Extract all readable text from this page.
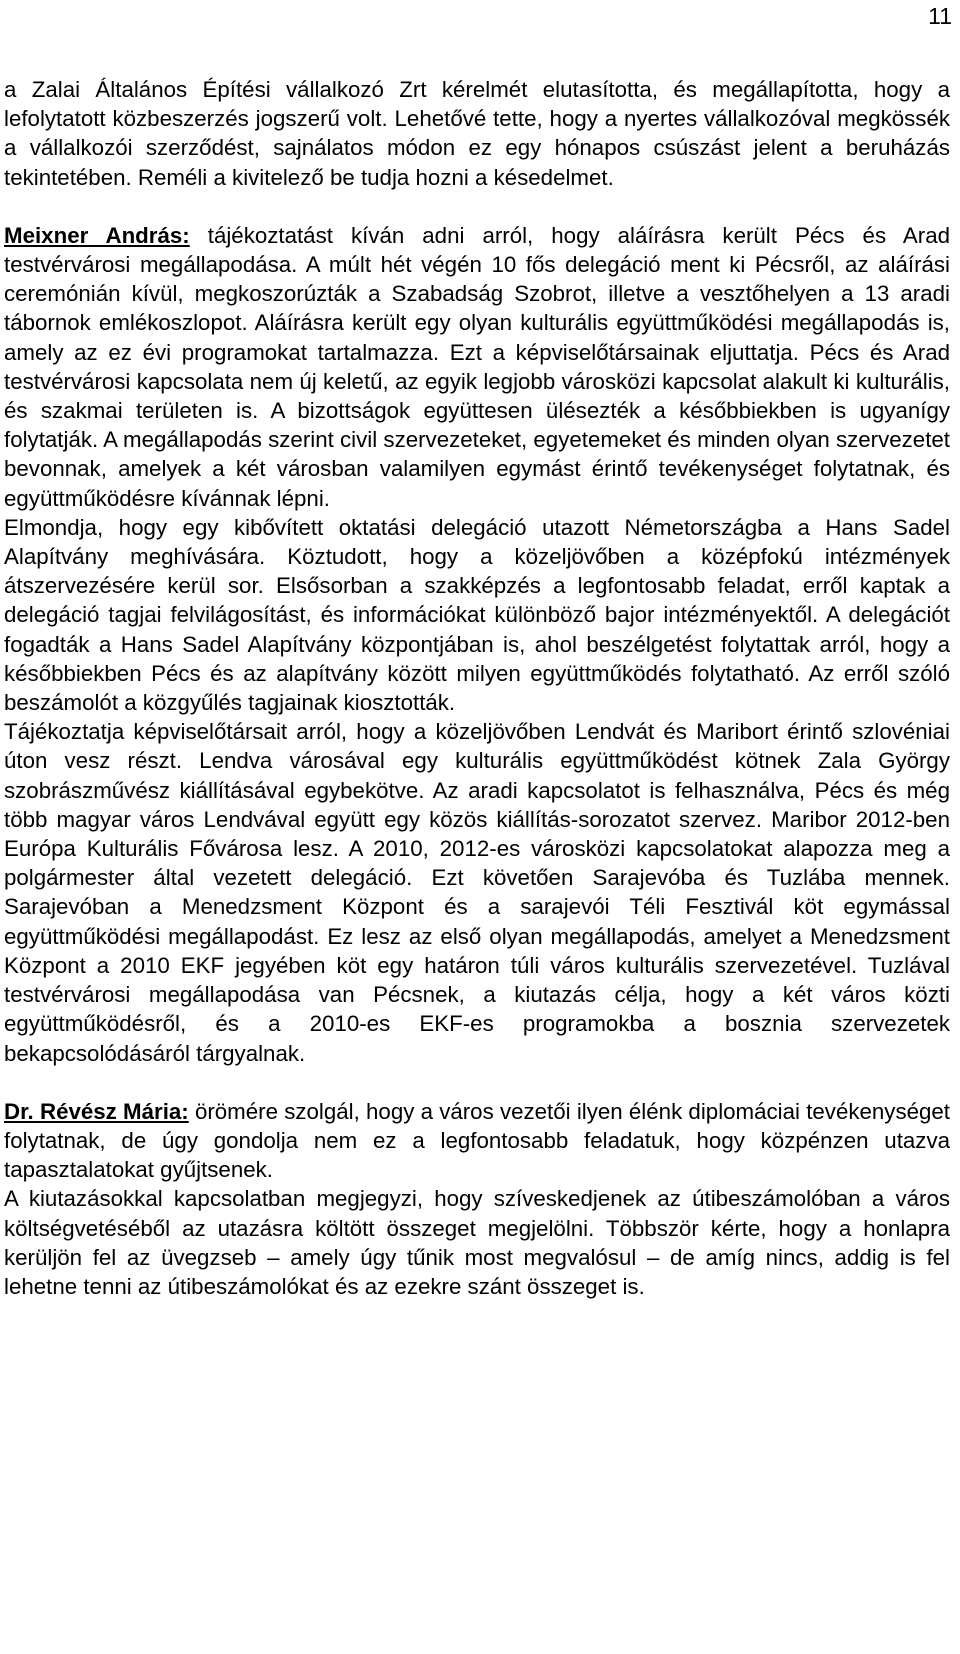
11

a Zalai Általános Építési vállalkozó Zrt kérelmét elutasította, és megállapította, hogy a lefolytatott közbeszerzés jogszerű volt. Lehetővé tette, hogy a nyertes vállalkozóval megkössék a vállalkozói szerződést, sajnálatos módon ez egy hónapos csúszást jelent a beruházás tekintetében. Reméli a kivitelező be tudja hozni a késedelmet.

Meixner András: tájékoztatást kíván adni arról, hogy aláírásra került Pécs és Arad testvérvárosi megállapodása. A múlt hét végén 10 fős delegáció ment ki Pécsről, az aláírási ceremónián kívül, megkoszorúzták a Szabadság Szobrot, illetve a vesztőhelyen a 13 aradi tábornok emlékoszlopot. Aláírásra került egy olyan kulturális együttműködési megállapodás is, amely az ez évi programokat tartalmazza. Ezt a képviselőtársainak eljuttatja. Pécs és Arad testvérvárosi kapcsolata nem új keletű, az egyik legjobb városközi kapcsolat alakult ki kulturális, és szakmai területen is. A bizottságok együttesen ülésezték a későbbiekben is ugyanígy folytatják. A megállapodás szerint civil szervezeteket, egyetemeket és minden olyan szervezetet bevonnak, amelyek a két városban valamilyen egymást érintő tevékenységet folytatnak, és együttműködésre kívánnak lépni.

Elmondja, hogy egy kibővített oktatási delegáció utazott Németországba a Hans Sadel Alapítvány meghívására. Köztudott, hogy a közeljövőben a középfokú intézmények átszervezésére kerül sor. Elsősorban a szakképzés a legfontosabb feladat, erről kaptak a delegáció tagjai felvilágosítást, és információkat különböző bajor intézményektől. A delegációt fogadták a Hans Sadel Alapítvány központjában is, ahol beszélgetést folytattak arról, hogy a későbbiekben Pécs és az alapítvány között milyen együttműködés folytatható. Az erről szóló beszámolót a közgyűlés tagjainak kiosztották.

Tájékoztatja képviselőtársait arról, hogy a közeljövőben Lendvát és Maribort érintő szlovéniai úton vesz részt. Lendva városával egy kulturális együttműködést kötnek Zala György szobrászművész kiállításával egybekötve. Az aradi kapcsolatot is felhasználva, Pécs és még több magyar város Lendvával együtt egy közös kiállítás-sorozatot szervez. Maribor 2012-ben Európa Kulturális Fővárosa lesz. A 2010, 2012-es városközi kapcsolatokat alapozza meg a polgármester által vezetett delegáció. Ezt követően Sarajevóba és Tuzlába mennek. Sarajevóban a Menedzsment Központ és a sarajevói Téli Fesztivál köt egymással együttműködési megállapodást. Ez lesz az első olyan megállapodás, amelyet a Menedzsment Központ a 2010 EKF jegyében köt egy határon túli város kulturális szervezetével. Tuzlával testvérvárosi megállapodása van Pécsnek, a kiutazás célja, hogy a két város közti együttműködésről, és a 2010-es EKF-es programokba a bosznia szervezetek bekapcsolódásáról tárgyalnak.

Dr. Révész Mária: örömére szolgál, hogy a város vezetői ilyen élénk diplomáciai tevékenységet folytatnak, de úgy gondolja nem ez a legfontosabb feladatuk, hogy közpénzen utazva tapasztalatokat gyűjtsenek.

A kiutazásokkal kapcsolatban megjegyzi, hogy szíveskedjenek az útibeszámolóban a város költségvetéséből az utazásra költött összeget megjelölni. Többször kérte, hogy a honlapra kerüljön fel az üvegzseb – amely úgy tűnik most megvalósul – de amíg nincs, addig is fel lehetne tenni az útibeszámolókat és az ezekre szánt összeget is.
